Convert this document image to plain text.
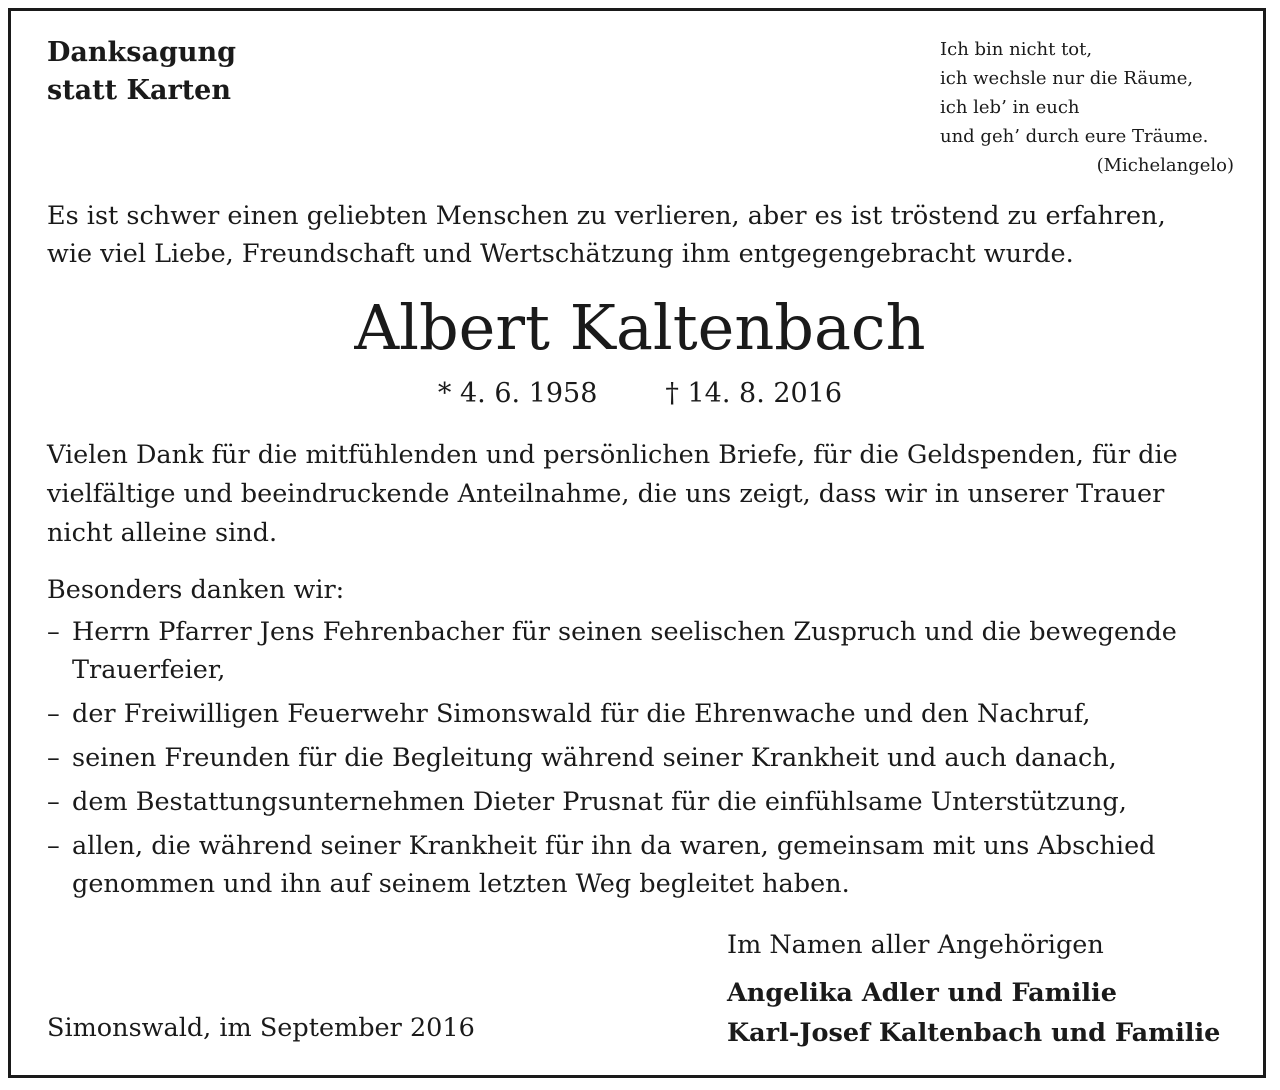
Danksagung
statt Karten
Ich bin nicht tot,
ich wechsle nur die Räume,
ich leb’ in euch
und geh’ durch eure Träume.
(Michelangelo)
Es ist schwer einen geliebten Menschen zu verlieren, aber es ist tröstend zu erfahren,
wie viel Liebe, Freundschaft und Wertschätzung ihm entgegengebracht wurde.
Albert Kaltenbach
* 4. 6. 1958	† 14. 8. 2016
Vielen Dank für die mitfühlenden und persönlichen Briefe, für die Geldspenden, für die
vielfältige und beeindruckende Anteilnahme, die uns zeigt, dass wir in unserer Trauer
nicht alleine sind.
Besonders danken wir:
– Herrn Pfarrer Jens Fehrenbacher für seinen seelischen Zuspruch und die bewegende
Trauerfeier,
– der Freiwilligen Feuerwehr Simonswald für die Ehrenwache und den Nachruf,
– seinen Freunden für die Begleitung während seiner Krankheit und auch danach,
– dem Bestattungsunternehmen Dieter Prusnat für die einfühlsame Unterstützung,
– allen, die während seiner Krankheit für ihn da waren, gemeinsam mit uns Abschied
genommen und ihn auf seinem letzten Weg begleitet haben.
Im Namen aller Angehörigen
Angelika Adler und Familie
Karl-Josef Kaltenbach und Familie
Simonswald, im September 2016
